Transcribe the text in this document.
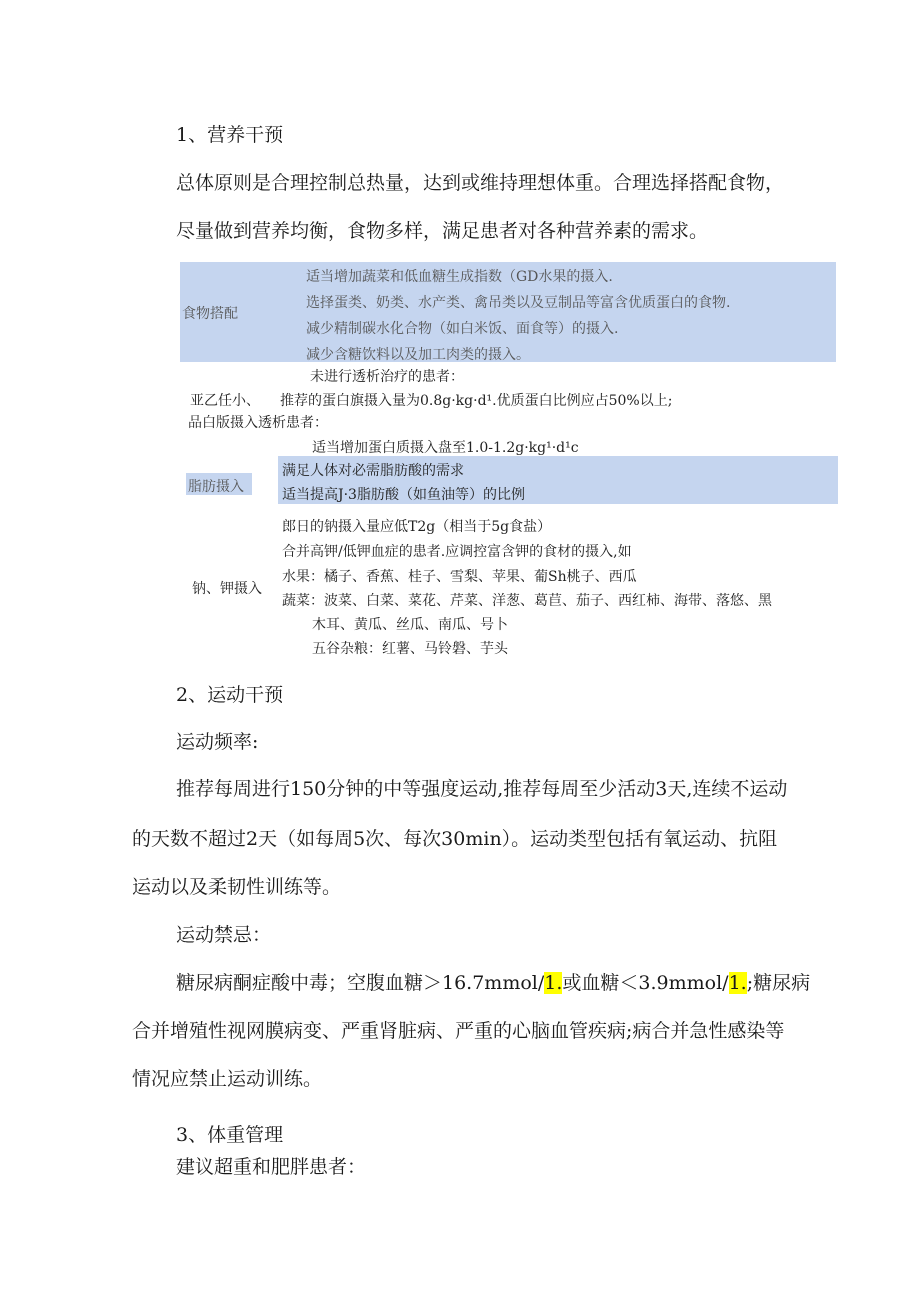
1、营养干预
总体原则是合理控制总热量，达到或维持理想体重。合理选择搭配食物，
尽量做到营养均衡，食物多样，满足患者对各种营养素的需求。
食物搭配
适当增加蔬菜和低血糖生成指数（GD水果的摄入.
选择蛋类、奶类、水产类、禽吊类以及豆制品等富含优质蛋白的食物.
减少精制碳水化合物（如白米饭、面食等）的摄入.
减少含糖饮料以及加工肉类的摄入。
未进行透析治疗的患者：
亚乙任小、 推荐的蛋白旗摄入量为0.8g·kg·d¹.优质蛋白比例应占50%以上;
品白版摄入透析患者：
适当增加蛋白质摄入盘至1.0-1.2g·kg¹·d¹c
脂肪摄入
满足人体对必需脂肪酸的需求
适当提高J·3脂肪酸（如鱼油等）的比例
郎日的钠摄入量应低T2g（相当于5g食盐）
合并高钾/低钾血症的患者.应调控富含钾的食材的摄入,如
水果：橘子、香蕉、桂子、雪梨、苹果、葡Sh桃子、西瓜
钠、钾摄入
蔬菜：波菜、白菜、菜花、芹菜、洋葱、葛苣、茄子、西红柿、海带、落悠、黑
木耳、黄瓜、丝瓜、南瓜、号卜
五谷杂粮：红薯、马铃磐、芋头
2、运动干预
运动频率:
推荐每周进行150分钟的中等强度运动,推荐每周至少活动3天,连续不运动
的天数不超过2天（如每周5次、每次30min）。运动类型包括有氧运动、抗阻
运动以及柔韧性训练等。
运动禁忌：
糖尿病酮症酸中毒；空腹血糖＞16.7mmol/1.或血糖＜3.9mmol/1.;糖尿病
合并增殖性视网膜病变、严重肾脏病、严重的心脑血管疾病;病合并急性感染等
情况应禁止运动训练。
3、体重管理
建议超重和肥胖患者：
